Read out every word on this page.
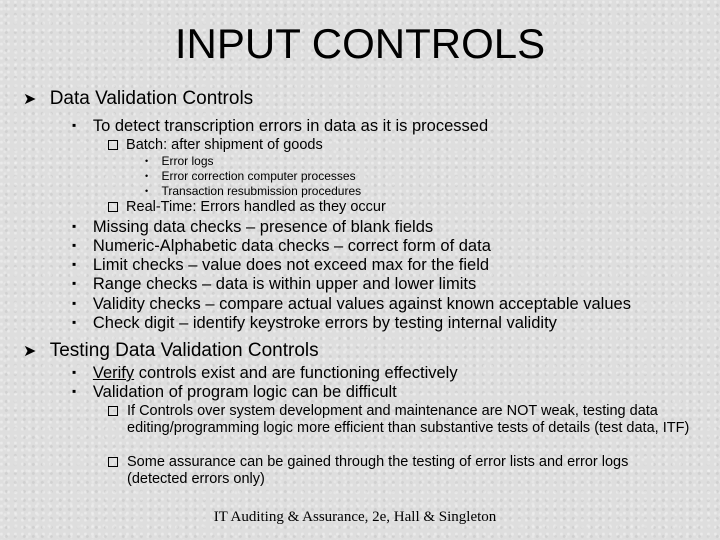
INPUT CONTROLS
➤ Data Validation Controls
▪ To detect transcription errors in data as it is processed
Batch: after shipment of goods
• Error logs
• Error correction computer processes
• Transaction resubmission procedures
Real-Time: Errors handled as they occur
▪ Missing data checks – presence of blank fields
▪ Numeric-Alphabetic data checks – correct form of data
▪ Limit checks – value does not exceed max for the field
▪ Range checks – data is within upper and lower limits
▪ Validity checks – compare actual values against known acceptable values
▪ Check digit – identify keystroke errors by testing internal validity
➤ Testing Data Validation Controls
▪ Verify controls exist and are functioning effectively
▪ Validation of program logic can be difficult
If Controls over system development and maintenance are NOT weak, testing data editing/programming logic more efficient than substantive tests of details (test data, ITF)
Some assurance can be gained through the testing of error lists and error logs (detected errors only)
IT Auditing & Assurance, 2e, Hall & Singleton
